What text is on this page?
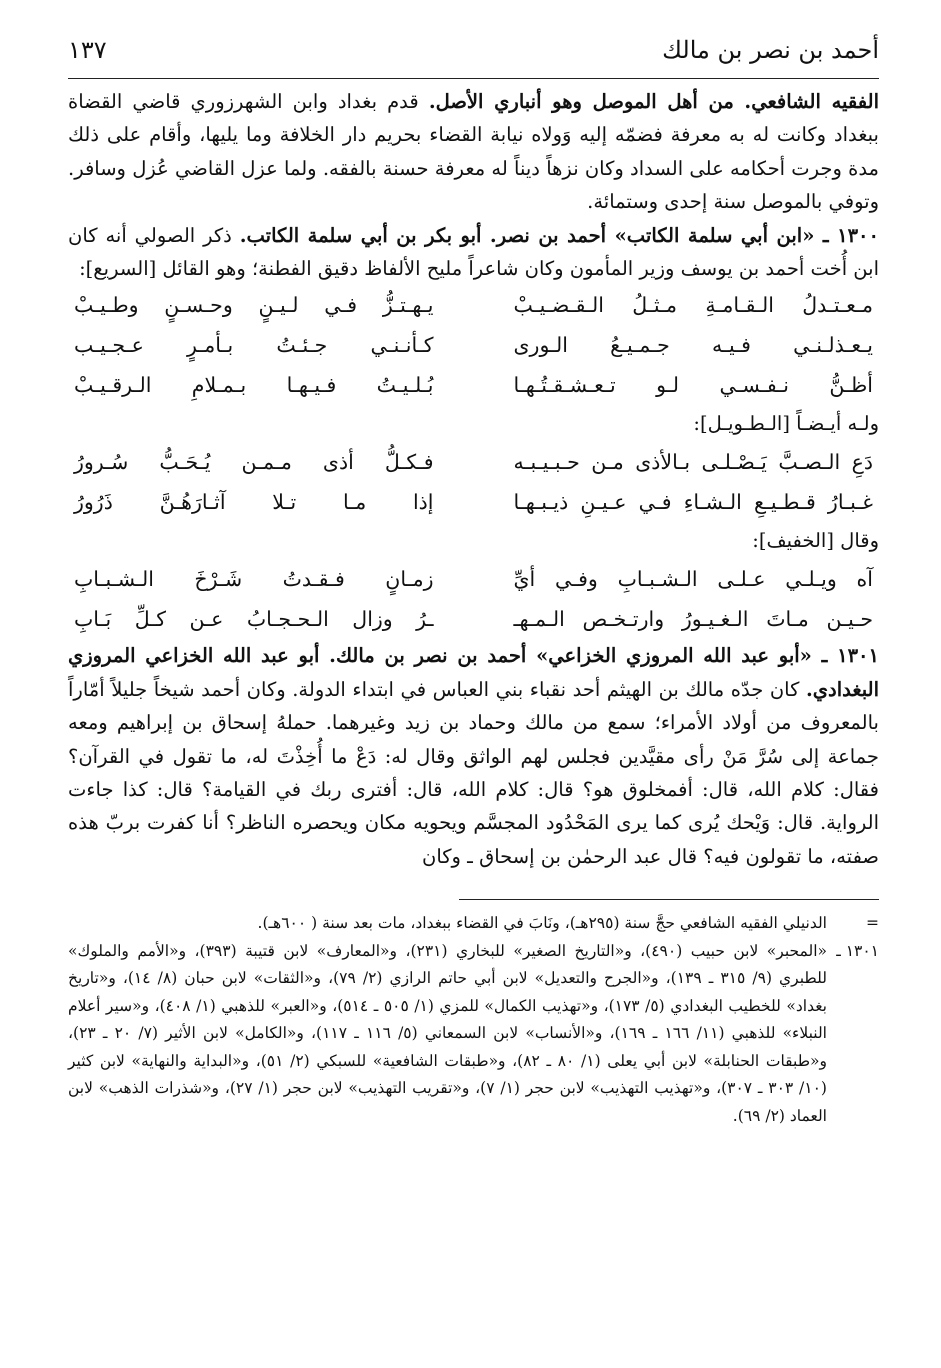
أحمد بن نصر بن مالك
١٣٧

الفقيه الشافعي. من أهل الموصل وهو أنباري الأصل. قدم بغداد وابن الشهرزوري قاضي القضاة ببغداد وكانت له به معرفة فضمّه إليه وَولاه نيابة القضاء بحريم دار الخلافة وما يليها، وأقام على ذلك مدة وجرت أحكامه على السداد وكان نزهاً ديناً له معرفة حسنة بالفقه. ولما عزل القاضي عُزل وسافر. وتوفي بالموصل سنة إحدى وستمائة.

١٣٠٠ ـ «ابن أبي سلمة الكاتب» أحمد بن نصر. أبو بكر بن أبي سلمة الكاتب. ذكر الصولي أنه كان ابن أُخت أحمد بن يوسف وزير المأمون وكان شاعراً مليح الألفاظ دقيق الفطنة؛ وهو القائل [السريع]:

مـعـتـدلُ الـقـامـةِ مـثـلُ الـقـضـيـبْ
يـهـتـزُّ فـي لـيـنٍ وحـسـنٍ وطـيـبْ
يـعـذلـنـي فـيـه جـمـيـعُ الـورى
كـأنـنـي جـئـتُ بـأمـرٍ عـجـيـب
أظـنُّ نـفـسـي لـو تـعـشـقـتُـهـا
بُـلـيـتُ فـيـهـا بـمـلامِ الـرقـيـبْ
ولـه أيـضـاً [الـطـويـل]:
دَعِ الـصـبَّ يَـصْـلـى بـالأذى مـن حـبـيـبـه
فـكـلُّ أذى مـمـن يُـحَـبُّ سُـرورُ
غـبـارُ قـطـيـعِ الـشـاءِ فـي عـيـنِ ذيـبـهـا
إذا مـا تـلا آثـارَهُـنَّ ذَرُورُ
وقال [الخفيف]:
آه ويـلـي عـلـى الـشـبـابِ وفـي أيِّ
زمـانٍ فـقـدتُ شَـرْخَ الـشـبـابِ
حـيـن مـاتَ الـغـيـورُ وارتـخـص الـمـهـ
ـرُ وزال الـحـجـابُ عـن كـلِّ بَـابِ

١٣٠١ ـ «أبو عبد الله المروزي الخزاعي» أحمد بن نصر بن مالك. أبو عبد الله الخزاعي المروزي البغدادي. كان جدّه مالك بن الهيثم أحد نقباء بني العباس في ابتداء الدولة. وكان أحمد شيخاً جليلاً أمّاراً بالمعروف من أولاد الأمراء؛ سمع من مالك وحماد بن زيد وغيرهما. حملهُ إسحاق بن إبراهيم ومعه جماعة إلى سُرَّ مَنْ رأى مقيَّدين فجلس لهم الواثق وقال له: دَعْ ما أُخِذْتَ له، ما تقول في القرآن؟ فقال: كلام الله، قال: أفمخلوق هو؟ قال: كلام الله، قال: أفترى ربك في القيامة؟ قال: كذا جاءت الرواية. قال: وَيْحك يُرى كما يرى المَحْدُود المجسَّم ويحويه مكان ويحصره الناظر؟ أنا كفرت بربّ هذه صفته، ما تقولون فيه؟ قال عبد الرحمٰن بن إسحاق ـ وكان

=
الدنيلي الفقيه الشافعي حجَّ سنة (٢٩٥هـ)، ونَابَ في القضاء ببغداد، مات بعد سنة ( ٦٠٠هـ).
١٣٠١ ـ
«المحبر» لابن حبيب (٤٩٠)، و«التاريخ الصغير» للبخاري (٢٣١)، و«المعارف» لابن قتيبة (٣٩٣)، و«الأمم والملوك» للطبري (٩/ ٣١٥ ـ ١٣٩)، و«الجرح والتعديل» لابن أبي حاتم الرازي (٢/ ٧٩)، و«الثقات» لابن حبان (٨/ ١٤)، و«تاريخ بغداد» للخطيب البغدادي (٥/ ١٧٣)، و«تهذيب الكمال» للمزي (١/ ٥٠٥ ـ ٥١٤)، و«العبر» للذهبي (١/ ٤٠٨)، و«سير أعلام النبلاء» للذهبي (١١/ ١٦٦ ـ ١٦٩)، و«الأنساب» لابن السمعاني (٥/ ١١٦ ـ ١١٧)، و«الكامل» لابن الأثير (٧/ ٢٠ ـ ٢٣)، و«طبقات الحنابلة» لابن أبي يعلى (١/ ٨٠ ـ ٨٢)، و«طبقات الشافعية» للسبكي (٢/ ٥١)، و«البداية والنهاية» لابن كثير (١٠/ ٣٠٣ ـ ٣٠٧)، و«تهذيب التهذيب» لابن حجر (١/ ٧)، و«تقريب التهذيب» لابن حجر (١/ ٢٧)، و«شذرات الذهب» لابن العماد (٢/ ٦٩).
